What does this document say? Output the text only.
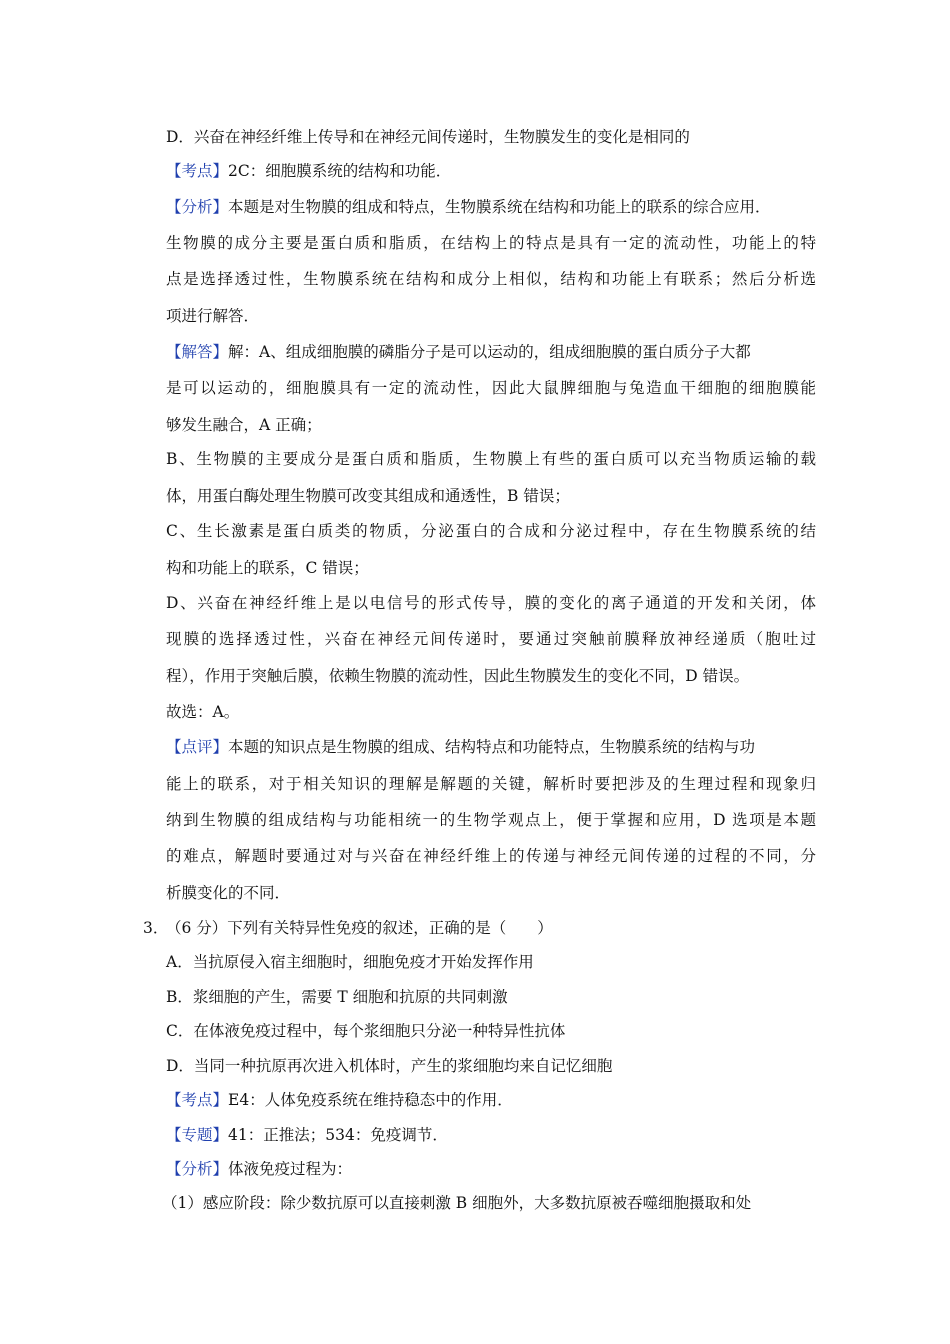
D．兴奋在神经纤维上传导和在神经元间传递时，生物膜发生的变化是相同的
【考点】2C：细胞膜系统的结构和功能．
【分析】本题是对生物膜的组成和特点，生物膜系统在结构和功能上的联系的综合应用．
生物膜的成分主要是蛋白质和脂质，在结构上的特点是具有一定的流动性，功能上的特
点是选择透过性，生物膜系统在结构和成分上相似，结构和功能上有联系；然后分析选
项进行解答．
【解答】解：A、组成细胞膜的磷脂分子是可以运动的，组成细胞膜的蛋白质分子大都
是可以运动的，细胞膜具有一定的流动性，因此大鼠脾细胞与兔造血干细胞的细胞膜能
够发生融合，A 正确；
B、生物膜的主要成分是蛋白质和脂质，生物膜上有些的蛋白质可以充当物质运输的载
体，用蛋白酶处理生物膜可改变其组成和通透性，B 错误；
C、生长激素是蛋白质类的物质，分泌蛋白的合成和分泌过程中，存在生物膜系统的结
构和功能上的联系，C 错误；
D、兴奋在神经纤维上是以电信号的形式传导，膜的变化的离子通道的开发和关闭，体
现膜的选择透过性，兴奋在神经元间传递时，要通过突触前膜释放神经递质（胞吐过
程），作用于突触后膜，依赖生物膜的流动性，因此生物膜发生的变化不同，D 错误。
故选：A。
【点评】本题的知识点是生物膜的组成、结构特点和功能特点，生物膜系统的结构与功
能上的联系，对于相关知识的理解是解题的关键，解析时要把涉及的生理过程和现象归
纳到生物膜的组成结构与功能相统一的生物学观点上，便于掌握和应用，D 选项是本题
的难点，解题时要通过对与兴奋在神经纤维上的传递与神经元间传递的过程的不同，分
析膜变化的不同．
3．
（6 分）下列有关特异性免疫的叙述，正确的是（　　）
A．当抗原侵入宿主细胞时，细胞免疫才开始发挥作用
B．浆细胞的产生，需要 T 细胞和抗原的共同刺激
C．在体液免疫过程中，每个浆细胞只分泌一种特异性抗体
D．当同一种抗原再次进入机体时，产生的浆细胞均来自记忆细胞
【考点】E4：人体免疫系统在维持稳态中的作用．
【专题】41：正推法；534：免疫调节．
【分析】体液免疫过程为：
（1）感应阶段：除少数抗原可以直接刺激 B 细胞外，大多数抗原被吞噬细胞摄取和处
